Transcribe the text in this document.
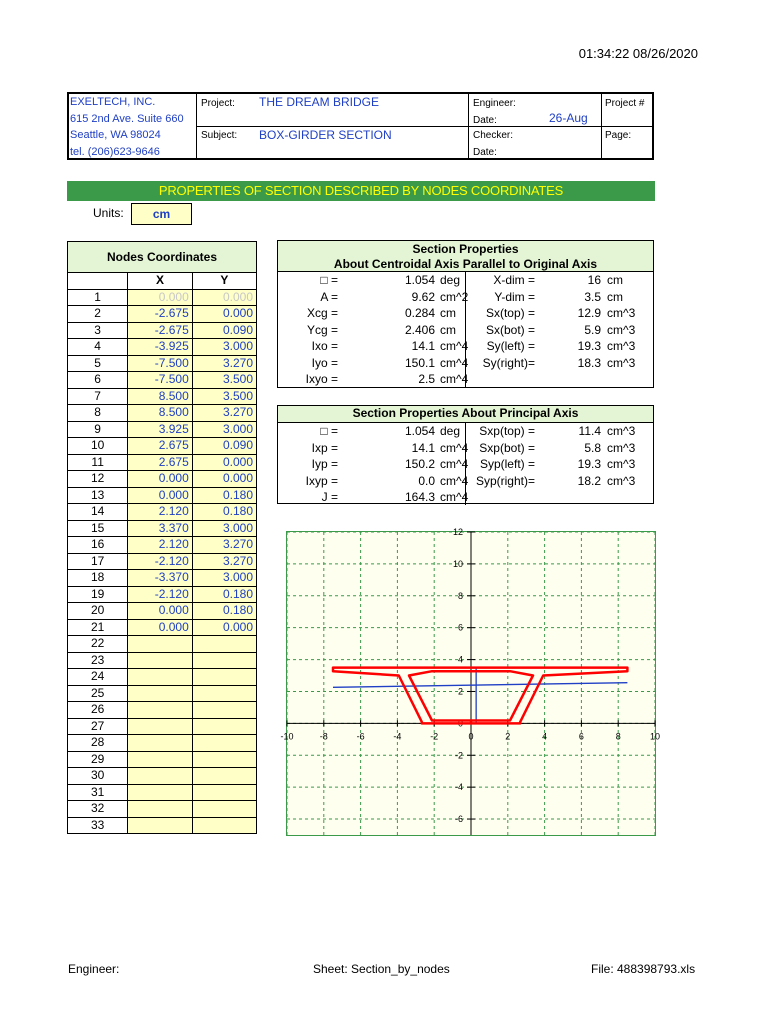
01:34:22 08/26/2020
EXELTECH, INC.
615 2nd Ave. Suite 660
Seattle, WA 98024
tel. (206)623-9646
Project: THE DREAM BRIDGE
Subject: BOX-GIRDER SECTION
Engineer:
Date:	26-Aug
Checker:
Date:
Project #
Page:
PROPERTIES OF SECTION DESCRIBED BY NODES COORDINATES
Units:	cm
Nodes Coordinates		
	X	Y
1	0.000	0.000
2	-2.675	0.000
3	-2.675	0.090
4	-3.925	3.000
5	-7.500	3.270
6	-7.500	3.500
7	8.500	3.500
8	8.500	3.270
9	3.925	3.000
10	2.675	0.090
11	2.675	0.000
12	0.000	0.000
13	0.000	0.180
14	2.120	0.180
15	3.370	3.000
16	2.120	3.270
17	-2.120	3.270
18	-3.370	3.000
19	-2.120	0.180
20	0.000	0.180
21	0.000	0.000
22		
23		
24		
25		
26		
27		
28		
29		
30		
31		
32		
33		
Section Properties
About Centroidal Axis Parallel to Original Axis
□ =	1.054 deg	X-dim =	16 cm
A =	9.62 cm^2 Y-dim =	3.5 cm
Xcg =	0.284 cm Sx(top) =	12.9 cm^3
Ycg =	2.406 cm Sx(bot) =	5.9 cm^3
Ixo =	14.1 cm^4 Sy(left) =	19.3 cm^3
Iyo =	150.1 cm^4 Sy(right)=	18.3 cm^3
Ixyo =	2.5 cm^4
Section Properties About Principal Axis
□ =	1.054 deg Sxp(top) =	11.4 cm^3
Ixp =	14.1 cm^4 Sxp(bot) =	5.8 cm^3
Iyp =	150.2 cm^4 Syp(left) =	19.3 cm^3
Ixyp =	0.0 cm^4 Syp(right)=	18.2 cm^3
J =	164.3 cm^4
-10	-8	-6	-4	-2	0	2	4	6	8	10
12
10
8
6
4
2
0
-2
-4
-6
Engineer:	Sheet: Section_by_nodes	File: 488398793.xls
